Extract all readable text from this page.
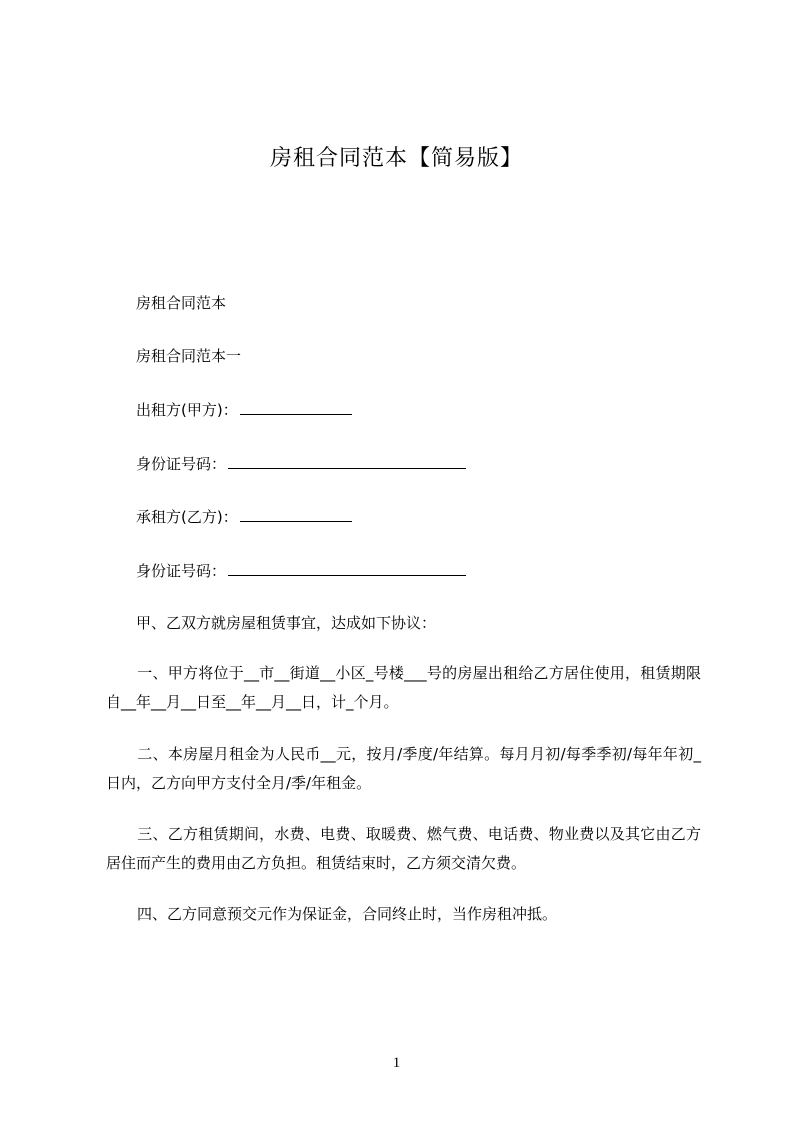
房租合同范本【简易版】
房租合同范本
房租合同范本一
出租方(甲方)：
身份证号码：
承租方(乙方)：
身份证号码：
甲、乙双方就房屋租赁事宜，达成如下协议：
一、甲方将位于__市__街道__小区_号楼___号的房屋出租给乙方居住使用，租赁期限自__年__月__日至__年__月__日，计_个月。
二、本房屋月租金为人民币__元，按月/季度/年结算。每月月初/每季季初/每年年初_日内，乙方向甲方支付全月/季/年租金。
三、乙方租赁期间，水费、电费、取暖费、燃气费、电话费、物业费以及其它由乙方居住而产生的费用由乙方负担。租赁结束时，乙方须交清欠费。
四、乙方同意预交元作为保证金，合同终止时，当作房租冲抵。
1
